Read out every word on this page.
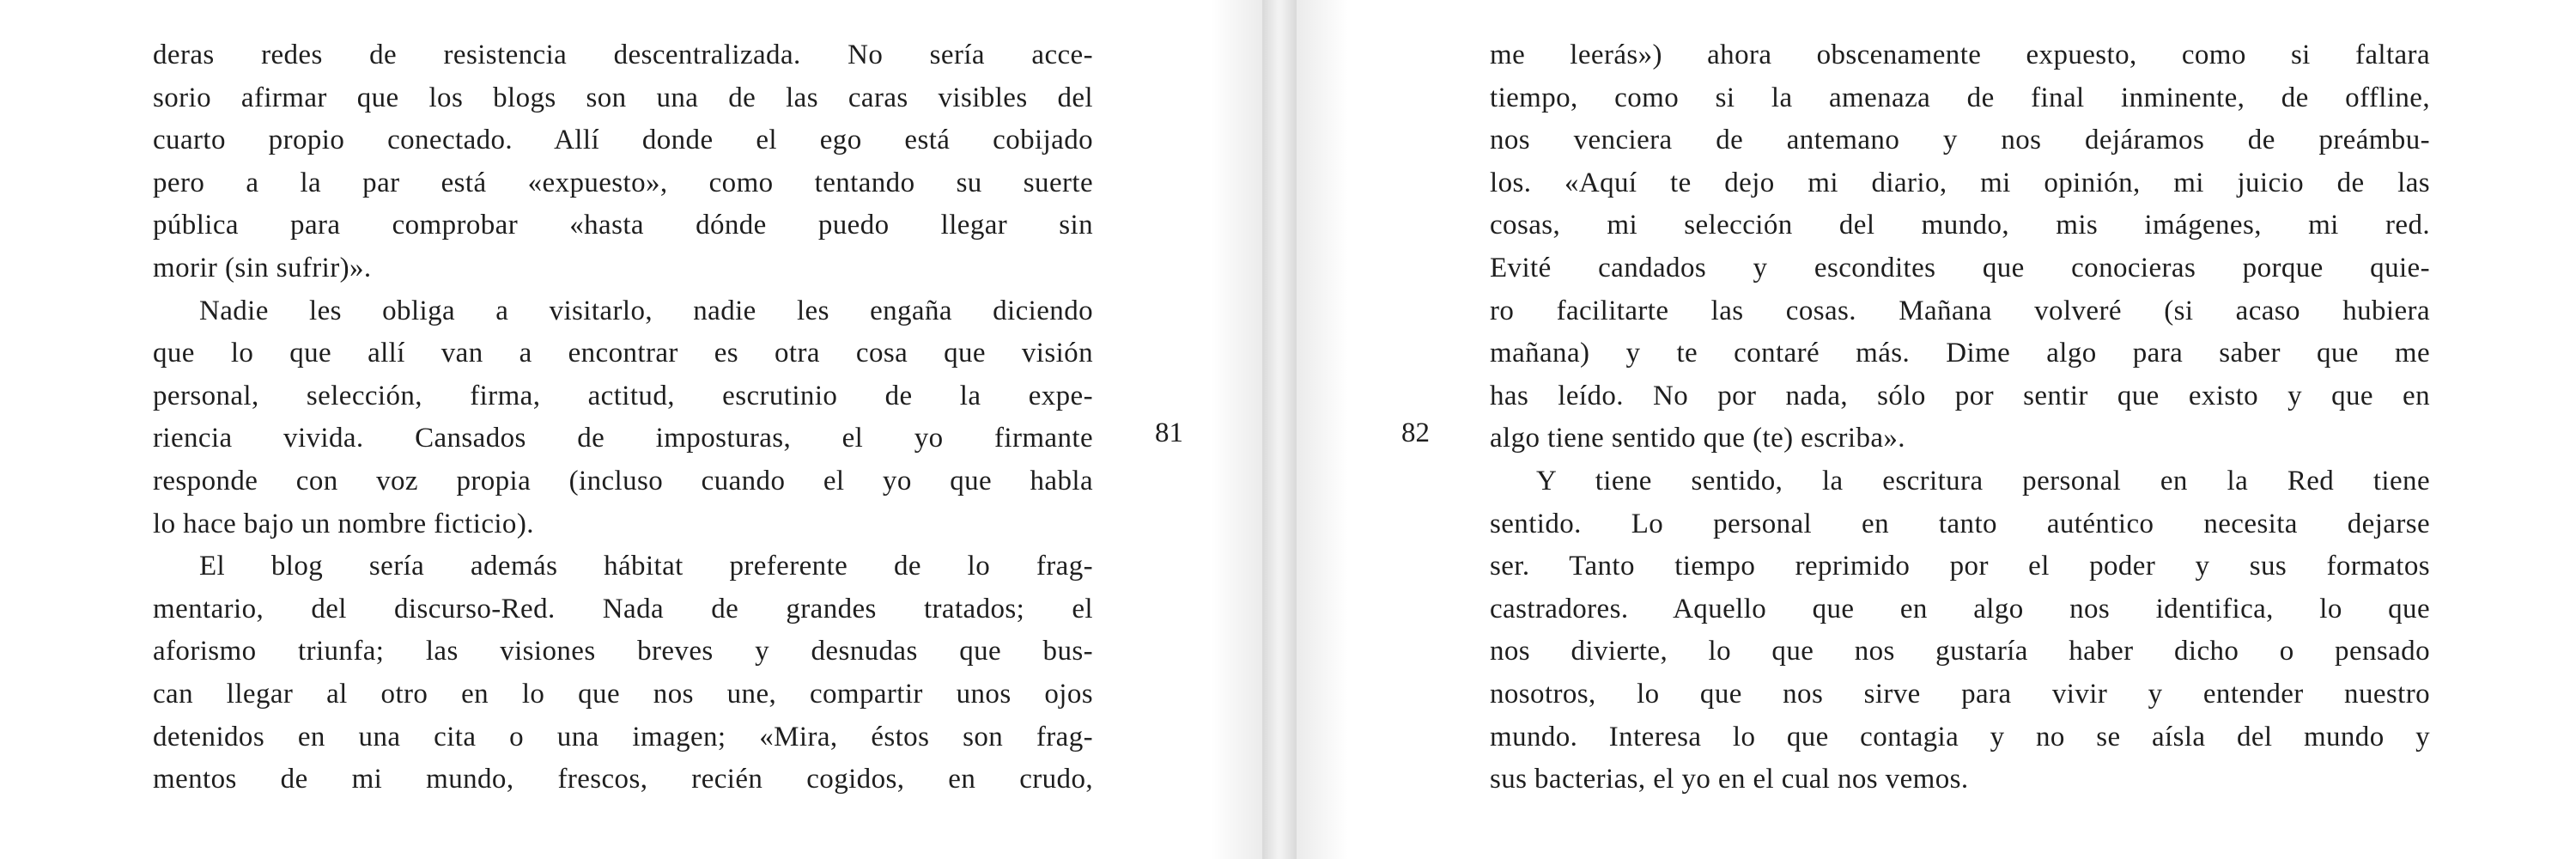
deras redes de resistencia descentralizada. No sería acce-
sorio afirmar que los blogs son una de las caras visibles del
cuarto propio conectado. Allí donde el ego está cobijado
pero a la par está «expuesto», como tentando su suerte
pública para comprobar «hasta dónde puedo llegar sin
morir (sin sufrir)».
Nadie les obliga a visitarlo, nadie les engaña diciendo
que lo que allí van a encontrar es otra cosa que visión
personal, selección, firma, actitud, escrutinio de la expe-
riencia vivida. Cansados de imposturas, el yo firmante
responde con voz propia (incluso cuando el yo que habla
lo hace bajo un nombre ficticio).
El blog sería además hábitat preferente de lo frag-
mentario, del discurso-Red. Nada de grandes tratados; el
aforismo triunfa; las visiones breves y desnudas que bus-
can llegar al otro en lo que nos une, compartir unos ojos
detenidos en una cita o una imagen; «Mira, éstos son frag-
mentos de mi mundo, frescos, recién cogidos, en crudo,
81	82
me leerás») ahora obscenamente expuesto, como si faltara
tiempo, como si la amenaza de final inminente, de offline,
nos venciera de antemano y nos dejáramos de preámbu-
los. «Aquí te dejo mi diario, mi opinión, mi juicio de las
cosas, mi selección del mundo, mis imágenes, mi red.
Evité candados y escondites que conocieras porque quie-
ro facilitarte las cosas. Mañana volveré (si acaso hubiera
mañana) y te contaré más. Dime algo para saber que me
has leído. No por nada, sólo por sentir que existo y que en
algo tiene sentido que (te) escriba».
Y tiene sentido, la escritura personal en la Red tiene
sentido. Lo personal en tanto auténtico necesita dejarse
ser. Tanto tiempo reprimido por el poder y sus formatos
castradores. Aquello que en algo nos identifica, lo que
nos divierte, lo que nos gustaría haber dicho o pensado
nosotros, lo que nos sirve para vivir y entender nuestro
mundo. Interesa lo que contagia y no se aísla del mundo y
sus bacterias, el yo en el cual nos vemos.
